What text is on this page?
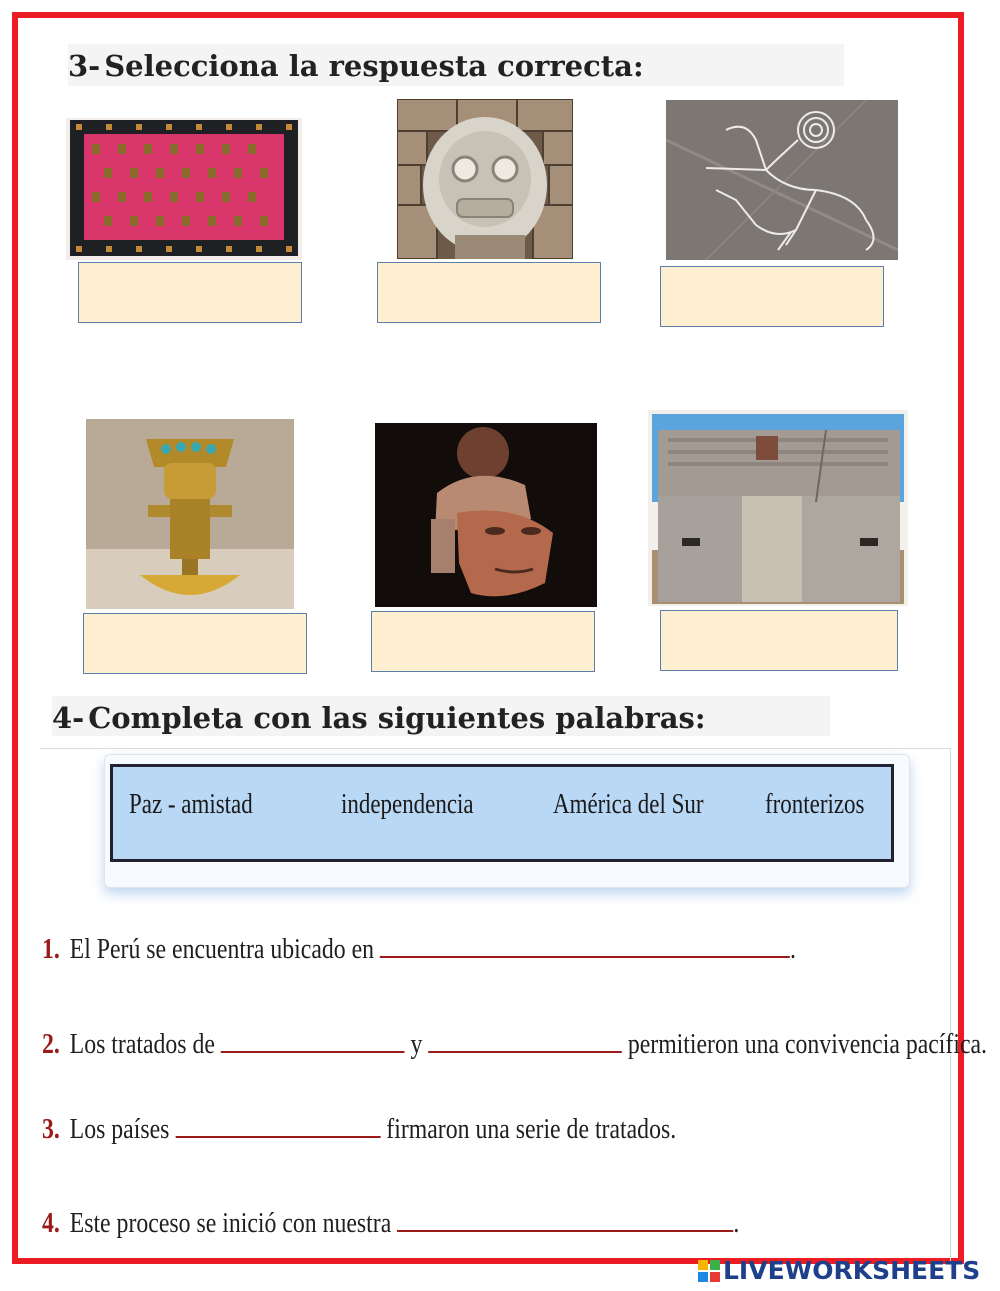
3- Selecciona la respuesta correcta:
4- Completa con las siguientes palabras:
Paz - amistad	independencia	América del Sur fronterizos
1. El Perú se encuentra ubicado en	.
2. Los tratados de	y	permitieron una convivencia pacífica.
3. Los países	firmaron una serie de tratados.
4. Este proceso se inició con nuestra	.
LIVEWORKSHEETS
